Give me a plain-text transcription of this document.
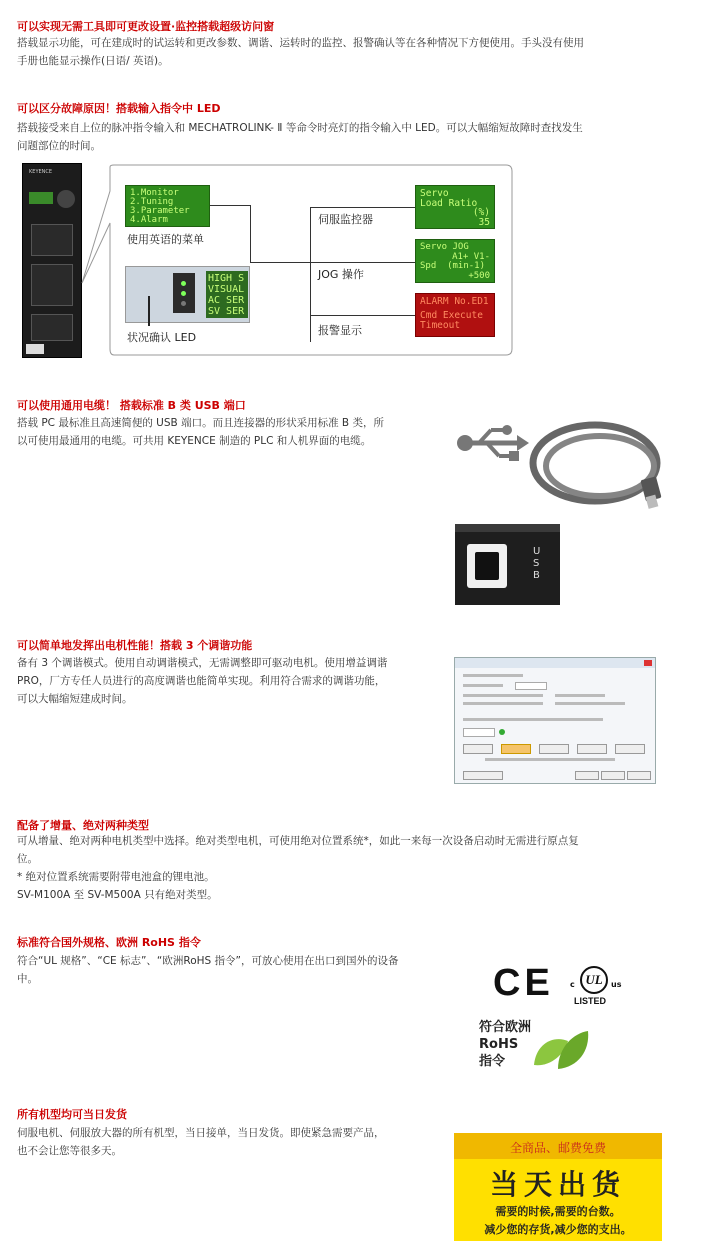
可以实现无需工具即可更改设置·监控搭载超级访问窗
搭载显示功能，可在建成时的试运转和更改参数、调谐、运转时的监控、报警确认等在各种情况下方便使用。手头没有使用
手册也能显示操作(日语/ 英语)。
可以区分故障原因！搭载输入指令中 LED
搭载接受来自上位的脉冲指令输入和 MECHATROLINK- Ⅱ 等命令时亮灯的指令输入中 LED。可以大幅缩短故障时查找发生
问题部位的时间。
KEYENCE
1.Monitor
2.Tuning
3.Parameter
4.Alarm
使用英语的菜单
HIGH S
VISUAL
AC SER
SV SER
状况确认 LED
伺服监控器
JOG 操作
报警显示
Servo
Load Ratio
(%)
35
Servo JOG
A1+ V1-
Spd  (min-1)
+500
ALARM No.ED1
Cmd Execute
Timeout
可以使用通用电缆！ 搭载标准 B 类 USB 端口
搭载 PC 最标准且高速简便的 USB 端口。而且连接器的形状采用标准 B 类，所
以可使用最通用的电缆。可共用 KEYENCE 制造的 PLC 和人机界面的电缆。
USB
可以简单地发挥出电机性能！搭载 3 个调谐功能
备有 3 个调谐模式。使用自动调谐模式，无需调整即可驱动电机。使用增益调谐
PRO，厂方专任人员进行的高度调谐也能简单实现。利用符合需求的调谐功能，
可以大幅缩短建成时间。
配备了增量、绝对两种类型
可从增量、绝对两种电机类型中选择。绝对类型电机，可使用绝对位置系统*，如此一来每一次设备启动时无需进行原点复
位。
* 绝对位置系统需要附带电池盒的锂电池。
SV-M100A 至 SV-M500A 只有绝对类型。
标准符合国外规格、欧洲 RoHS 指令
符合“UL 规格”、“CE 标志”、“欧洲RoHS 指令”，可放心使用在出口到国外的设备
中。	CE c UL	us
LISTED
符合欧洲
RoHS
指令
所有机型均可当日发货
伺服电机、伺服放大器的所有机型，当日接单，当日发货。即使紧急需要产品，
也不会让您等很多天。	全商品、邮费免费
当天出货
需要的时候,需要的台数。
减少您的存货,减少您的支出。
